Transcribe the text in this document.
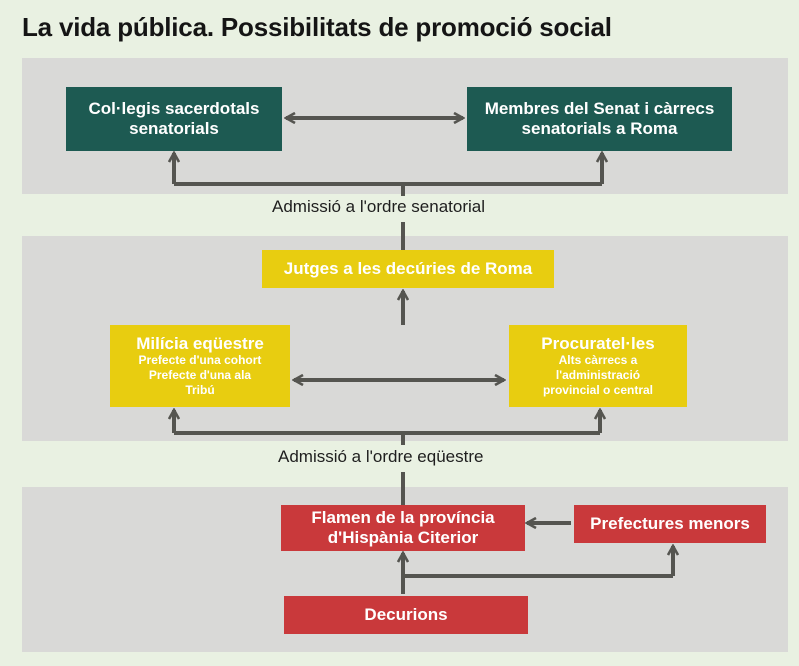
La vida pública. Possibilitats de promoció social
Col·legis sacerdotals senatorials
Membres del Senat i càrrecs senatorials a Roma
Admissió a l'ordre senatorial
Jutges a les decúries de Roma
Milícia eqüestre
Prefecte d'una cohort
Prefecte d'una ala
Tribú
Procuratel·les
Alts càrrecs a
l'administració
provincial o central
Admissió a l'ordre eqüestre
Flamen de la província d'Hispània Citerior
Prefectures menors
Decurions
